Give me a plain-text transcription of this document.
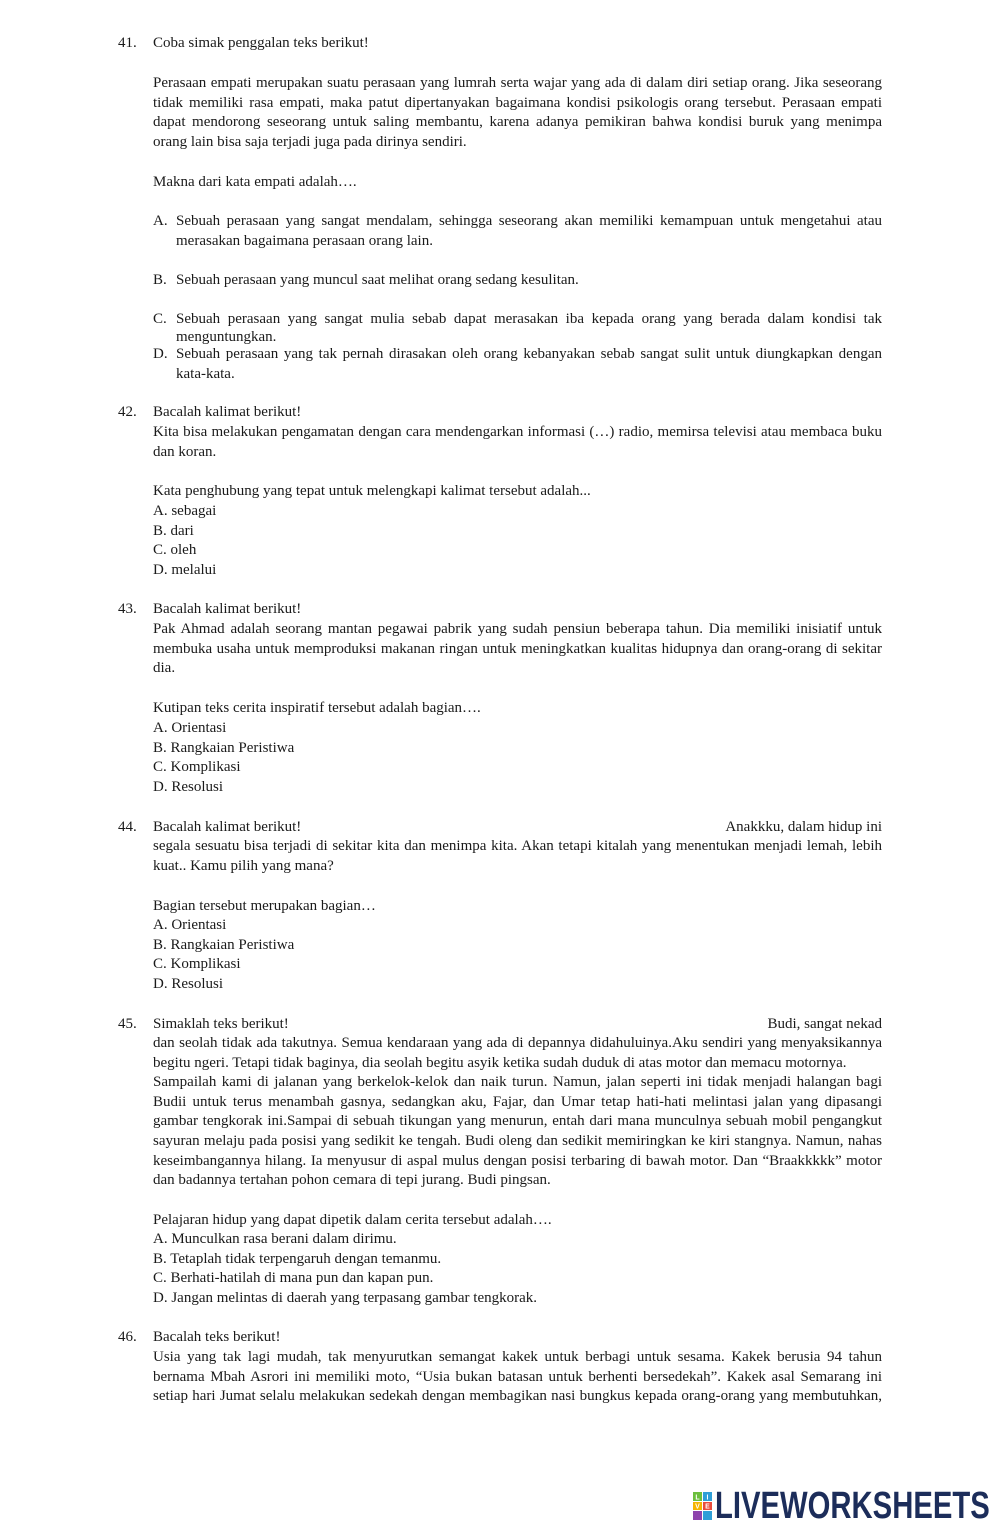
41. Coba simak penggalan teks berikut!
Perasaan empati merupakan suatu perasaan yang lumrah serta wajar yang ada di dalam diri setiap orang. Jika seseorang
tidak memiliki rasa empati, maka patut dipertanyakan bagaimana kondisi psikologis orang tersebut. Perasaan empati
dapat mendorong seseorang untuk saling membantu, karena adanya pemikiran bahwa kondisi buruk yang menimpa
orang lain bisa saja terjadi juga pada dirinya sendiri.
Makna dari kata empati adalah….
A. Sebuah perasaan yang sangat mendalam, sehingga seseorang akan memiliki kemampuan untuk mengetahui atau
merasakan bagaimana perasaan orang lain.
B. Sebuah perasaan yang muncul saat melihat orang sedang kesulitan.
C. Sebuah perasaan yang sangat mulia sebab dapat merasakan iba kepada orang yang berada dalam kondisi tak
menguntungkan.
D. Sebuah perasaan yang tak pernah dirasakan oleh orang kebanyakan sebab sangat sulit untuk diungkapkan dengan
kata-kata.
42. Bacalah kalimat berikut!
Kita bisa melakukan pengamatan dengan cara mendengarkan informasi (…) radio, memirsa televisi atau membaca buku
dan koran.
Kata penghubung yang tepat untuk melengkapi kalimat tersebut adalah...
A. sebagai
B. dari
C. oleh
D. melalui
43. Bacalah kalimat berikut!
Pak Ahmad adalah seorang mantan pegawai pabrik yang sudah pensiun beberapa tahun. Dia memiliki inisiatif untuk
membuka usaha untuk memproduksi makanan ringan untuk meningkatkan kualitas hidupnya dan orang-orang di sekitar
dia.
Kutipan teks cerita inspiratif tersebut adalah bagian….
A. Orientasi
B. Rangkaian Peristiwa
C. Komplikasi
D. Resolusi
44. Bacalah kalimat berikut!	Anakkku, dalam hidup ini
segala sesuatu bisa terjadi di sekitar kita dan menimpa kita. Akan tetapi kitalah yang menentukan menjadi lemah, lebih
kuat.. Kamu pilih yang mana?
Bagian tersebut merupakan bagian…
A. Orientasi
B. Rangkaian Peristiwa
C. Komplikasi
D. Resolusi
45. Simaklah teks berikut!	Budi, sangat nekad
dan seolah tidak ada takutnya. Semua kendaraan yang ada di depannya didahuluinya.Aku sendiri yang menyaksikannya
begitu ngeri. Tetapi tidak baginya, dia seolah begitu asyik ketika sudah duduk di atas motor dan memacu motornya.
Sampailah kami di jalanan yang berkelok-kelok dan naik turun. Namun, jalan seperti ini tidak menjadi halangan bagi
Budii untuk terus menambah gasnya, sedangkan aku, Fajar, dan Umar tetap hati-hati melintasi jalan yang dipasangi
gambar tengkorak ini.Sampai di sebuah tikungan yang menurun, entah dari mana munculnya sebuah mobil pengangkut
sayuran melaju pada posisi yang sedikit ke tengah. Budi oleng dan sedikit memiringkan ke kiri stangnya. Namun, nahas
keseimbangannya hilang. Ia menyusur di aspal mulus dengan posisi terbaring di bawah motor. Dan “Braakkkkk” motor
dan badannya tertahan pohon cemara di tepi jurang. Budi pingsan.
Pelajaran hidup yang dapat dipetik dalam cerita tersebut adalah….
A. Munculkan rasa berani dalam dirimu.
B. Tetaplah tidak terpengaruh dengan temanmu.
C. Berhati-hatilah di mana pun dan kapan pun.
D. Jangan melintas di daerah yang terpasang gambar tengkorak.
46. Bacalah teks berikut!
Usia yang tak lagi mudah, tak menyurutkan semangat kakek untuk berbagi untuk sesama. Kakek berusia 94 tahun
bernama Mbah Asrori ini memiliki moto, “Usia bukan batasan untuk berhenti bersedekah”. Kakek asal Semarang ini
setiap hari Jumat selalu melakukan sedekah dengan membagikan nasi bungkus kepada orang-orang yang membutuhkan,
L I
V E LIVEWORKSHEETS
